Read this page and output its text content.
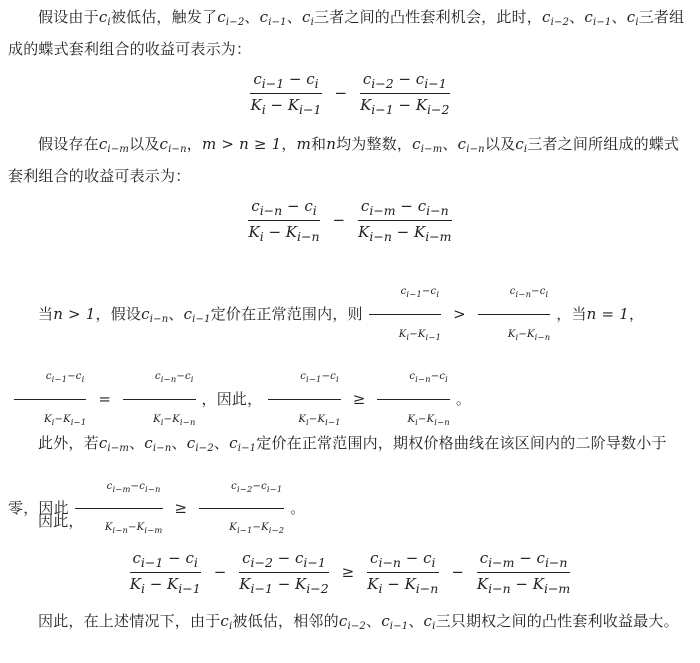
假设由于$c_i$被低估，触发了$c_{i-2}$、$c_{i-1}$、$c_i$三者之间的凸性套利机会，此时，$c_{i-2}$、$c_{i-1}$、$c_i$三者组成的蝶式套利组合的收益可表示为：
$\frac{c_{i-1} - c_i}{K_i - K_{i-1}} - \frac{c_{i-2} - c_{i-1}}{K_{i-1} - K_{i-2}}$
假设存在$c_{i-m}$以及$c_{i-n}$，m > n ≥ 1，m和n均为整数，$c_{i-m}$、$c_{i-n}$以及$c_i$三者之间所组成的蝶式套利组合的收益可表示为：
$\frac{c_{i-n} - c_i}{K_i - K_{i-n}} - \frac{c_{i-m} - c_{i-n}}{K_{i-n} - K_{i-m}}$
当n > 1，假设$c_{i-n}$、$c_{i-1}$定价在正常范围内，则 $\frac{c_{i-1}-c_i}{K_i-K_{i-1}} > \frac{c_{i-n}-c_i}{K_i-K_{i-n}}$ ，当n = 1，
$\frac{c_{i-1}-c_i}{K_i-K_{i-1}} = \frac{c_{i-n}-c_i}{K_i-K_{i-n}}$ ，因此， $\frac{c_{i-1}-c_i}{K_i-K_{i-1}} \ge \frac{c_{i-n}-c_i}{K_i-K_{i-n}}$ 。
此外，若$c_{i-m}$、$c_{i-n}$、$c_{i-2}$、$c_{i-1}$定价在正常范围内，期权价格曲线在该区间内的二阶导数小于零，因此 $\frac{c_{i-m}-c_{i-n}}{K_{i-n}-K_{i-m}} \ge \frac{c_{i-2}-c_{i-1}}{K_{i-1}-K_{i-2}}$ 。
因此，
$\frac{c_{i-1} - c_i}{K_i - K_{i-1}} - \frac{c_{i-2} - c_{i-1}}{K_{i-1} - K_{i-2}} \ge \frac{c_{i-n} - c_i}{K_i - K_{i-n}} - \frac{c_{i-m} - c_{i-n}}{K_{i-n} - K_{i-m}}$
因此，在上述情况下，由于$c_i$被低估，相邻的$c_{i-2}$、$c_{i-1}$、$c_i$三只期权之间的凸性套利收益最大。
